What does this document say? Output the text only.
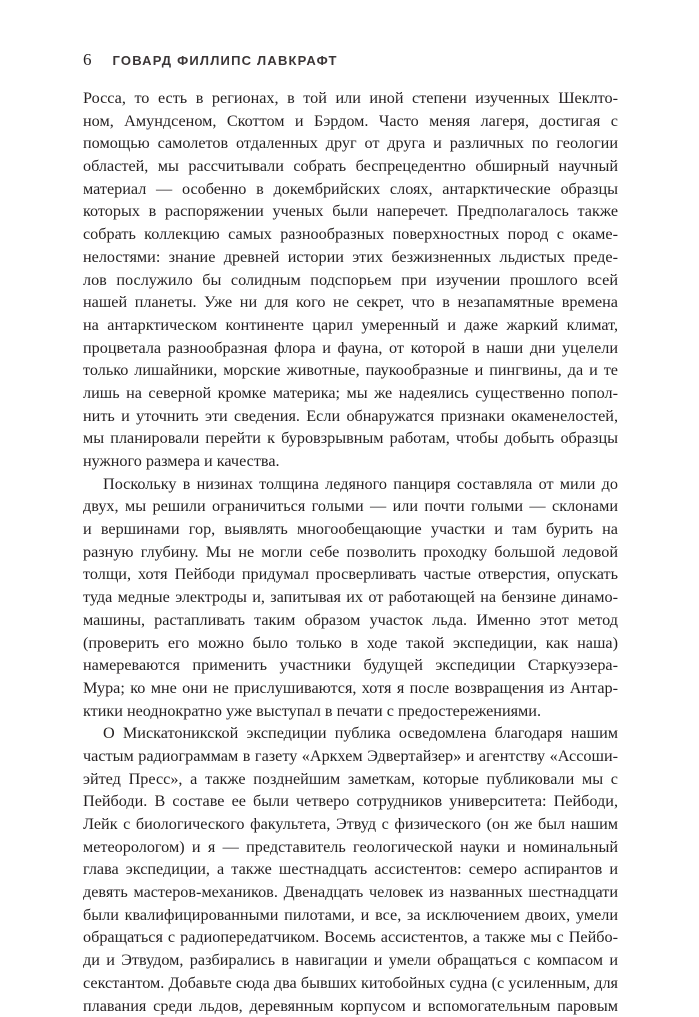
6 ГОВАРД ФИЛЛИПС ЛАВКРАФТ
Росса, то есть в регионах, в той или иной степени изученных Шеклто-
ном, Амундсеном, Скоттом и Бэрдом. Часто меняя лагеря, достигая с
помощью самолетов отдаленных друг от друга и различных по геологии
областей, мы рассчитывали собрать беспрецедентно обширный научный
материал — особенно в докембрийских слоях, антарктические образцы
которых в распоряжении ученых были наперечет. Предполагалось также
собрать коллекцию самых разнообразных поверхностных пород с окаме-
нелостями: знание древней истории этих безжизненных льдистых преде-
лов послужило бы солидным подспорьем при изучении прошлого всей
нашей планеты. Уже ни для кого не секрет, что в незапамятные времена
на антарктическом континенте царил умеренный и даже жаркий климат,
процветала разнообразная флора и фауна, от которой в наши дни уцелели
только лишайники, морские животные, паукообразные и пингвины, да и те
лишь на северной кромке материка; мы же надеялись существенно попол-
нить и уточнить эти сведения. Если обнаружатся признаки окаменелостей,
мы планировали перейти к буровзрывным работам, чтобы добыть образцы
нужного размера и качества.
Поскольку в низинах толщина ледяного панциря составляла от мили до
двух, мы решили ограничиться голыми — или почти голыми — склонами
и вершинами гор, выявлять многообещающие участки и там бурить на
разную глубину. Мы не могли себе позволить проходку большой ледовой
толщи, хотя Пейбоди придумал просверливать частые отверстия, опускать
туда медные электроды и, запитывая их от работающей на бензине динамо-
машины, растапливать таким образом участок льда. Именно этот метод
(проверить его можно было только в ходе такой экспедиции, как наша)
намереваются применить участники будущей экспедиции Старкуэзера-
Мура; ко мне они не прислушиваются, хотя я после возвращения из Антар-
ктики неоднократно уже выступал в печати с предостережениями.
О Мискатоникской экспедиции публика осведомлена благодаря нашим
частым радиограммам в газету «Аркхем Эдвертайзер» и агентству «Ассоши-
эйтед Пресс», а также позднейшим заметкам, которые публиковали мы с
Пейбоди. В составе ее были четверо сотрудников университета: Пейбоди,
Лейк с биологического факультета, Этвуд с физического (он же был нашим
метеорологом) и я — представитель геологической науки и номинальный
глава экспедиции, а также шестнадцать ассистентов: семеро аспирантов и
девять мастеров-механиков. Двенадцать человек из названных шестнадцати
были квалифицированными пилотами, и все, за исключением двоих, умели
обращаться с радиопередатчиком. Восемь ассистентов, а также мы с Пейбо-
ди и Этвудом, разбирались в навигации и умели обращаться с компасом и
секстантом. Добавьте сюда два бывших китобойных судна (с усиленным, для
плавания среди льдов, деревянным корпусом и вспомогательным паровым
